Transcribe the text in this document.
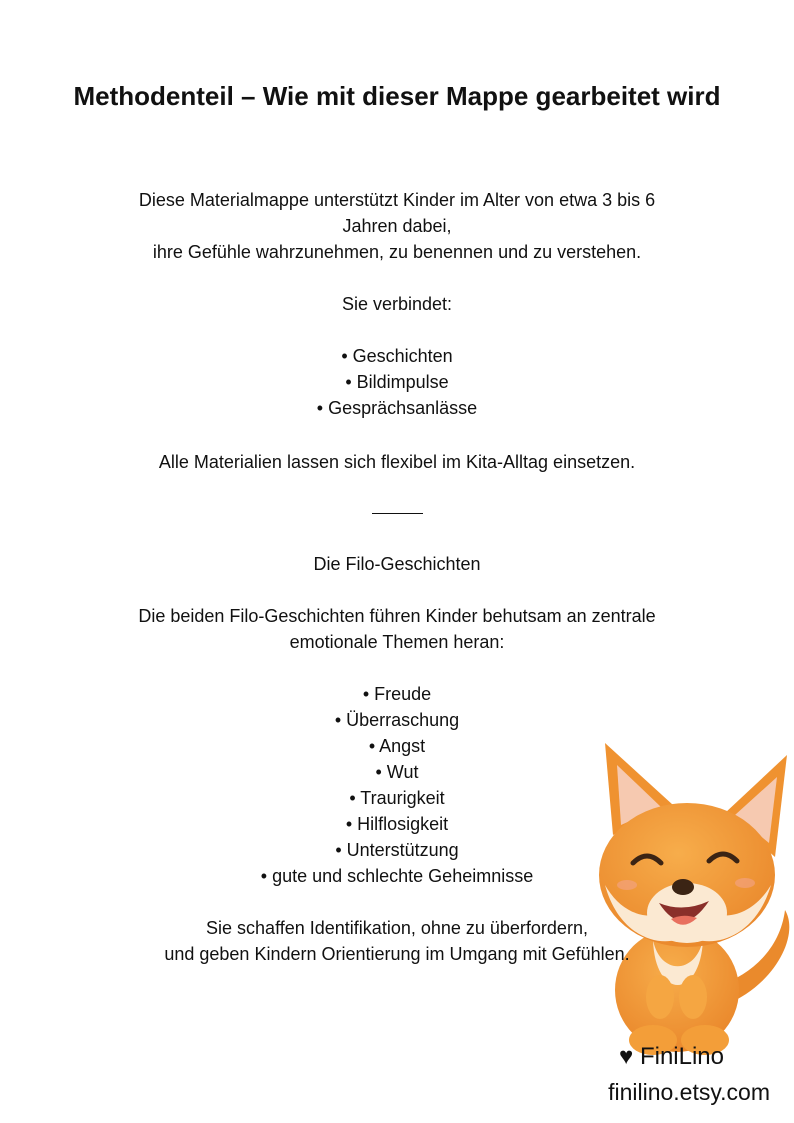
Methodenteil – Wie mit dieser Mappe gearbeitet wird
Diese Materialmappe unterstützt Kinder im Alter von etwa 3 bis 6
Jahren dabei,
ihre Gefühle wahrzunehmen, zu benennen und zu verstehen.
Sie verbindet:
• Geschichten
• Bildimpulse
• Gesprächsanlässe
Alle Materialien lassen sich flexibel im Kita-Alltag einsetzen.
Die Filo-Geschichten
Die beiden Filo-Geschichten führen Kinder behutsam an zentrale
emotionale Themen heran:
• Freude
• Überraschung
• Angst
• Wut
• Traurigkeit
• Hilflosigkeit
• Unterstützung
• gute und schlechte Geheimnisse
Sie schaffen Identifikation, ohne zu überfordern,
und geben Kindern Orientierung im Umgang mit Gefühlen.
♥ FiniLino
finilino.etsy.com
